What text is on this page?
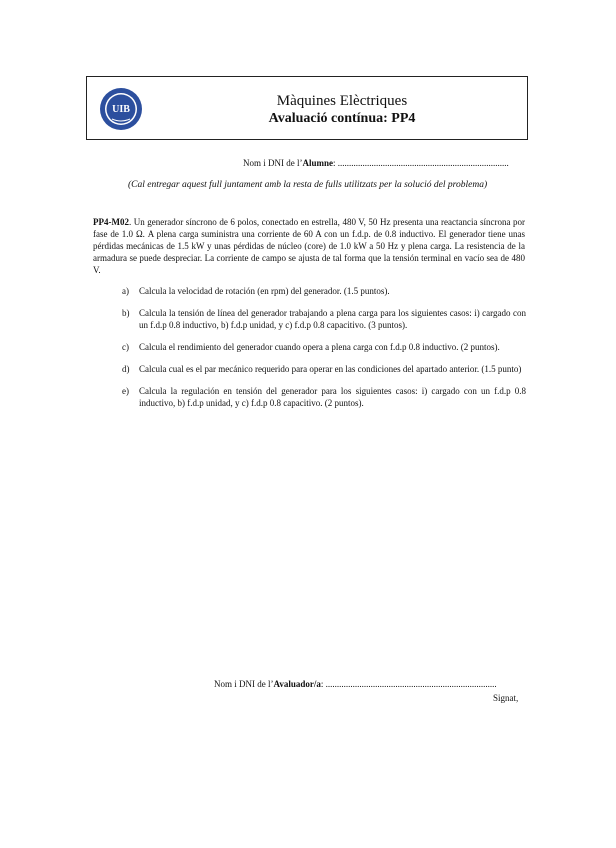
UIB
Màquines Elèctriques
Avaluació contínua: PP4
Nom i DNI de l’Alumne: ............................................................................
(Cal entregar aquest full juntament amb la resta de fulls utilitzats per la solució del problema)
PP4-M02. Un generador síncrono de 6 polos, conectado en estrella, 480 V, 50 Hz presenta una reactancia síncrona por fase de 1.0 Ω. A plena carga suministra una corriente de 60 A con un f.d.p. de 0.8 inductivo. El generador tiene unas pérdidas mecánicas de 1.5 kW y unas pérdidas de núcleo (core) de 1.0 kW a 50 Hz y plena carga. La resistencia de la armadura se puede despreciar. La corriente de campo se ajusta de tal forma que la tensión terminal en vacío sea de 480 V.
a) Calcula la velocidad de rotación (en rpm) del generador. (1.5 puntos).
b) Calcula la tensión de línea del generador trabajando a plena carga para los siguientes casos: i) cargado con un f.d.p 0.8 inductivo, b) f.d.p unidad, y c) f.d.p 0.8 capacitivo. (3 puntos).
c) Calcula el rendimiento del generador cuando opera a plena carga con f.d.p 0.8 inductivo. (2 puntos).
d) Calcula cual es el par mecánico requerido para operar en las condiciones del apartado anterior. (1.5 punto)
e) Calcula la regulación en tensión del generador para los siguientes casos: i) cargado con un f.d.p 0.8 inductivo, b) f.d.p unidad, y c) f.d.p 0.8 capacitivo. (2 puntos).
Nom i DNI de l’Avaluador/a: ............................................................................
Signat,
